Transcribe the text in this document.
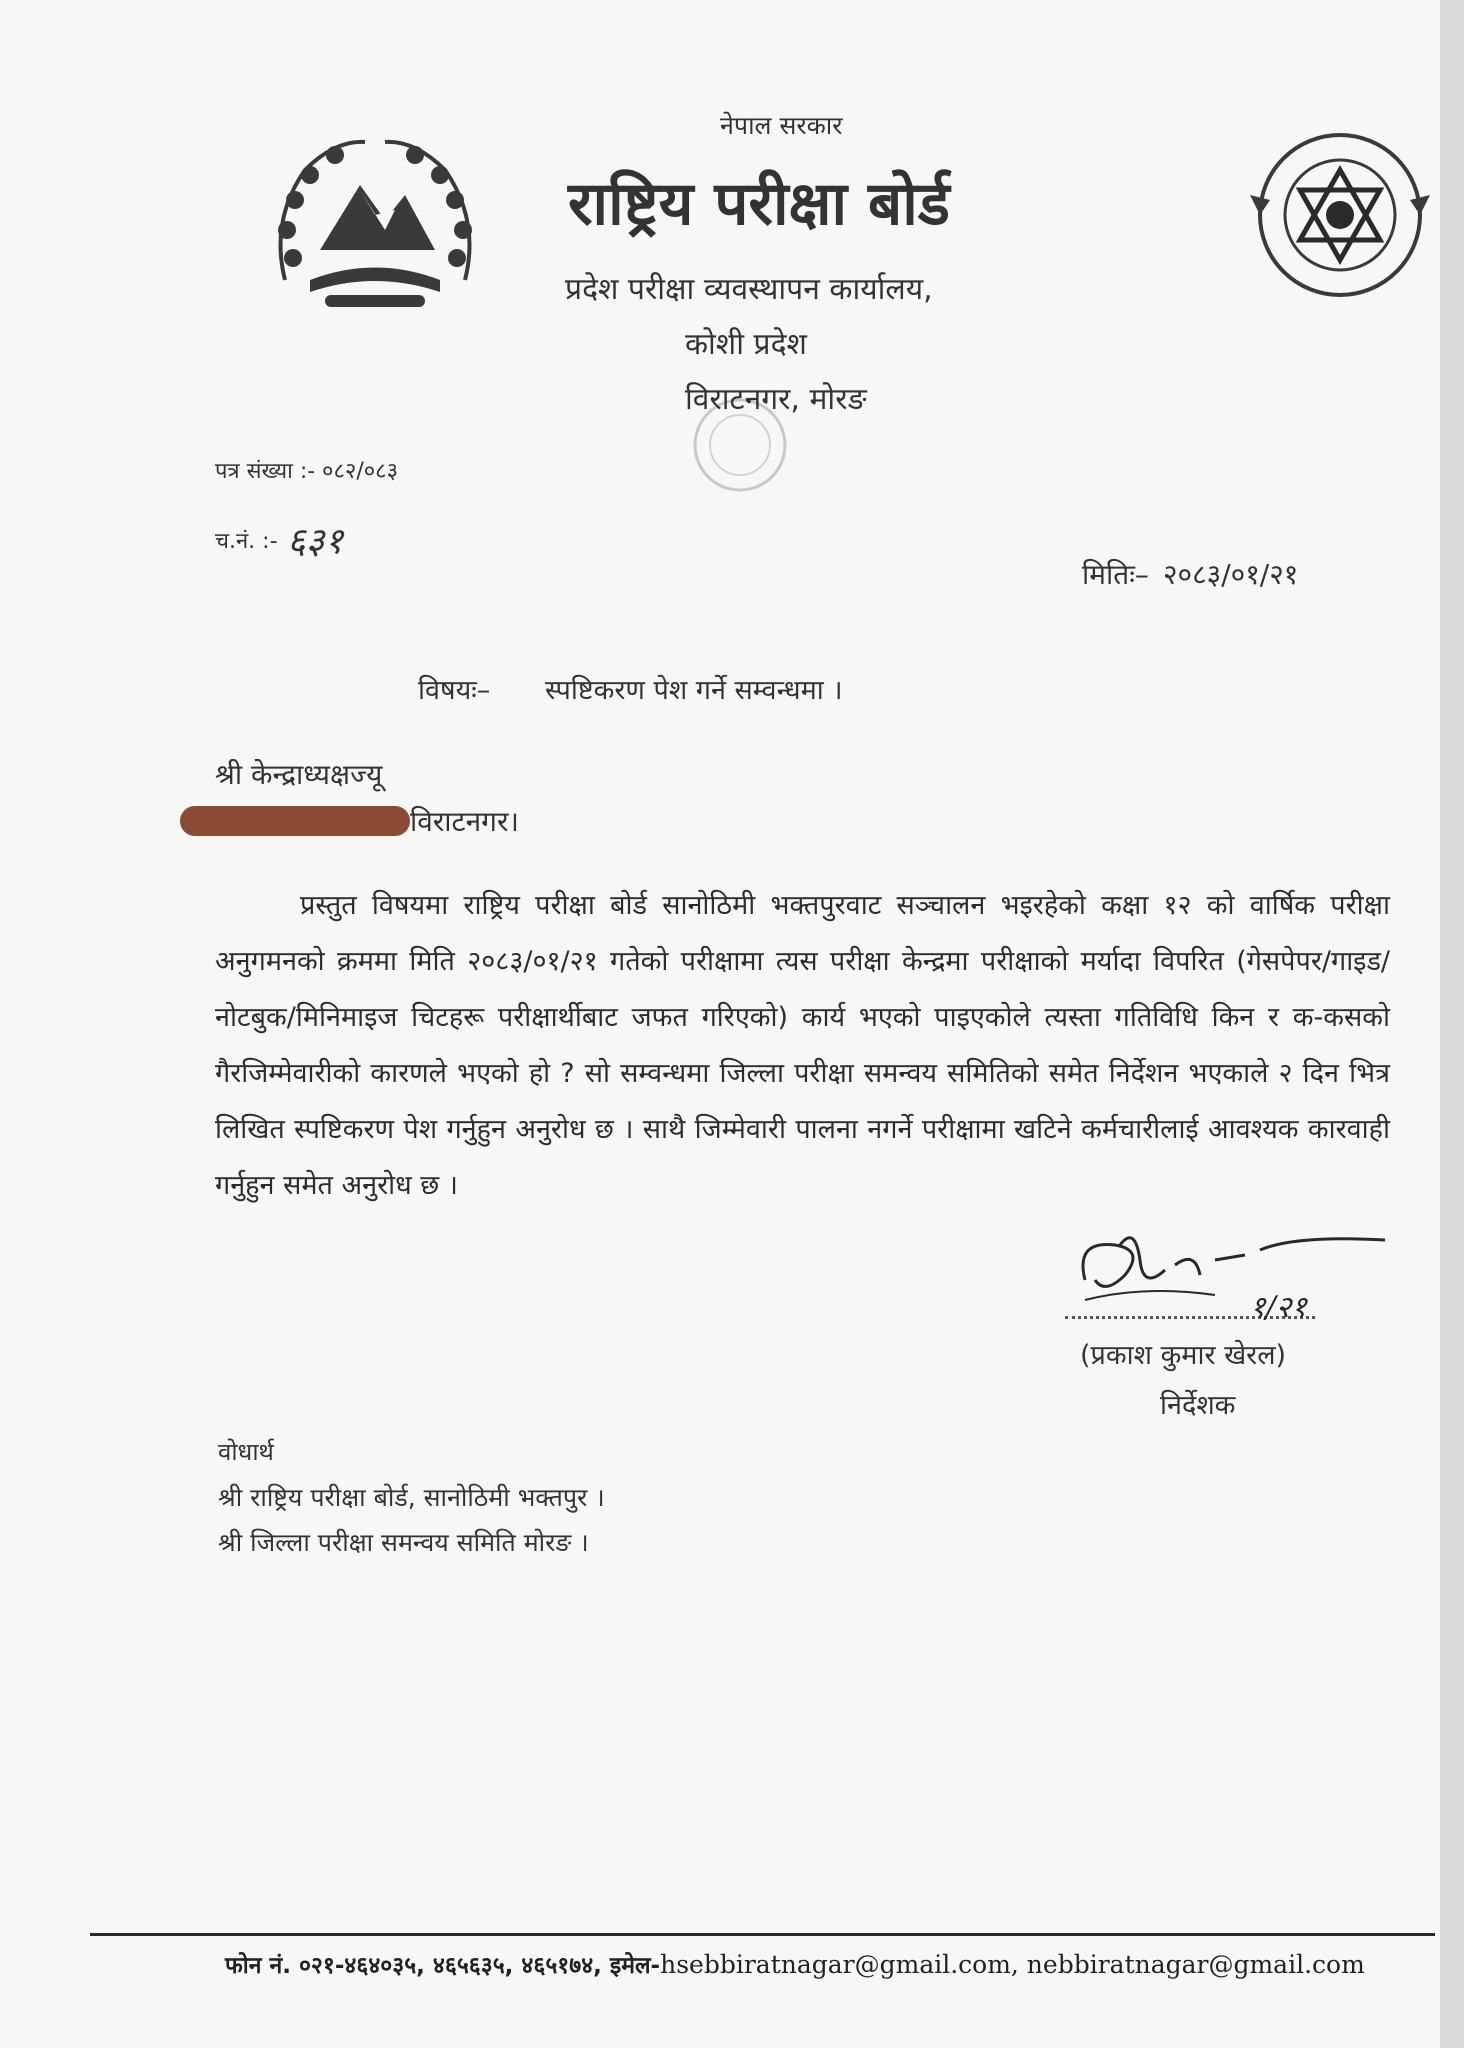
नेपाल सरकार
राष्ट्रिय परीक्षा बोर्ड
प्रदेश परीक्षा व्यवस्थापन कार्यालय,
कोशी प्रदेश
विराटनगर, मोरङ
पत्र संख्या :- ०८२/०८३
च.नं. :- ६३१
मितिः– २०८३/०१/२१
विषयः– स्पष्टिकरण पेश गर्ने सम्वन्धमा ।
श्री केन्द्राध्यक्षज्यू
विराटनगर।
प्रस्तुत विषयमा राष्ट्रिय परीक्षा बोर्ड सानोठिमी भक्तपुरवाट सञ्चालन भइरहेको कक्षा १२ को वार्षिक परीक्षा अनुगमनको क्रममा मिति २०८३/०१/२१ गतेको परीक्षामा त्यस परीक्षा केन्द्रमा परीक्षाको मर्यादा विपरित (गेसपेपर/गाइड/नोटबुक/मिनिमाइज चिटहरू परीक्षार्थीबाट जफत गरिएको) कार्य भएको पाइएकोले त्यस्ता गतिविधि किन र क-कसको गैरजिम्मेवारीको कारणले भएको हो ? सो सम्वन्धमा जिल्ला परीक्षा समन्वय समितिको समेत निर्देशन भएकाले २ दिन भित्र लिखित स्पष्टिकरण पेश गर्नुहुन अनुरोध छ । साथै जिम्मेवारी पालना नगर्ने परीक्षामा खटिने कर्मचारीलाई आवश्यक कारवाही गर्नुहुन समेत अनुरोध छ ।
१/२१
(प्रकाश कुमार खेरल)
निर्देशक
वोधार्थ
श्री राष्ट्रिय परीक्षा बोर्ड, सानोठिमी भक्तपुर ।
श्री जिल्ला परीक्षा समन्वय समिति मोरङ ।
फोन नं. ०२१-४६४०३५, ४६५६३५, ४६५१७४, इमेल-hsebbiratnagar@gmail.com, nebbiratnagar@gmail.com
